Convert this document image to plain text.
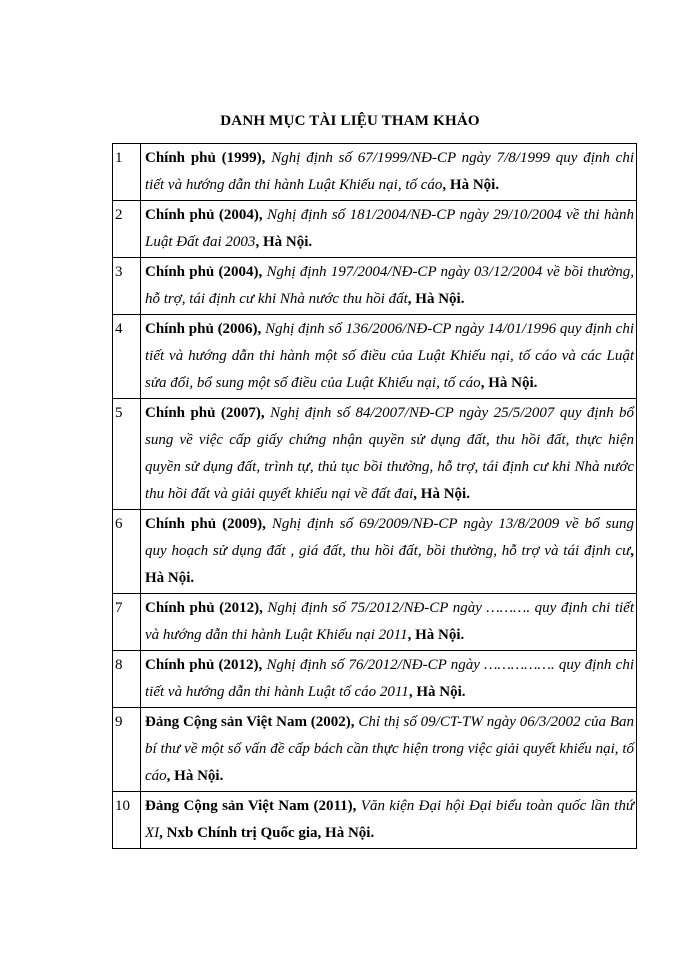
DANH MỤC TÀI LIỆU THAM KHẢO
1	Chính phủ (1999), Nghị định số 67/1999/NĐ-CP ngày 7/8/1999 quy định chi tiết và hướng dẫn thi hành Luật Khiếu nại, tố cáo, Hà Nội.
2	Chính phủ (2004), Nghị định số 181/2004/NĐ-CP ngày 29/10/2004 về thi hành Luật Đất đai 2003, Hà Nội.
3	Chính phủ (2004), Nghị định 197/2004/NĐ-CP ngày 03/12/2004 về bồi thường, hỗ trợ, tái định cư khi Nhà nước thu hồi đất, Hà Nội.
4	Chính phủ (2006), Nghị định số 136/2006/NĐ-CP ngày 14/01/1996 quy định chi tiết và hướng dẫn thi hành một số điều của Luật Khiếu nại, tố cáo và các Luật sửa đổi, bổ sung một số điều của Luật Khiếu nại, tố cáo, Hà Nội.
5	Chính phủ (2007), Nghị định số 84/2007/NĐ-CP ngày 25/5/2007 quy định bổ sung về việc cấp giấy chứng nhận quyền sử dụng đất, thu hồi đất, thực hiện quyền sử dụng đất, trình tự, thủ tục bồi thường, hỗ trợ, tái định cư khi Nhà nước thu hồi đất và giải quyết khiếu nại về đất đai, Hà Nội.
6	Chính phủ (2009), Nghị định số 69/2009/NĐ-CP ngày 13/8/2009 về bổ sung quy hoạch sử dụng đất , giá đất, thu hồi đất, bồi thường, hỗ trợ và tái định cư, Hà Nội.
7	Chính phủ (2012), Nghị định số 75/2012/NĐ-CP ngày ………. quy định chi tiết và hướng dẫn thi hành Luật Khiếu nại 2011, Hà Nội.
8	Chính phủ (2012), Nghị định số 76/2012/NĐ-CP ngày ……………. quy định chi tiết và hướng dẫn thi hành Luật tố cáo 2011, Hà Nội.
9	Đảng Cộng sản Việt Nam (2002), Chỉ thị số 09/CT-TW ngày 06/3/2002 của Ban bí thư về một số vấn đề cấp bách cần thực hiện trong việc giải quyết khiếu nại, tố cáo, Hà Nội.
10	Đảng Cộng sản Việt Nam (2011), Văn kiện Đại hội Đại biểu toàn quốc lần thứ XI, Nxb Chính trị Quốc gia, Hà Nội.
